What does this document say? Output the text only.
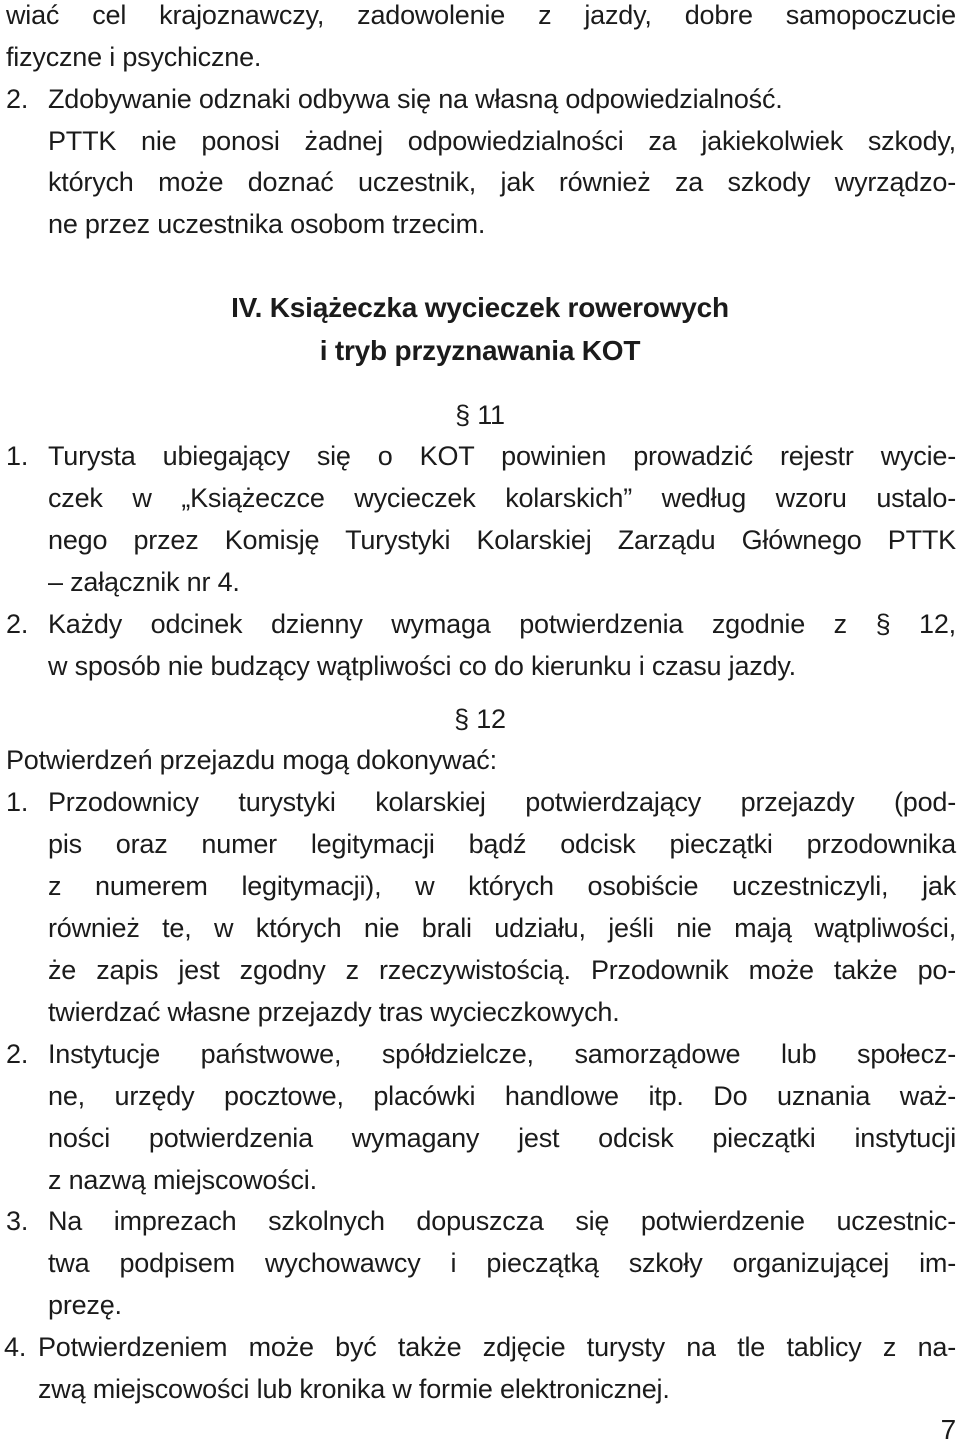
wiać cel krajoznawczy, zadowolenie z jazdy, dobre samopoczucie
fizyczne i psychiczne.
2. Zdobywanie odznaki odbywa się na własną odpowiedzialność.
PTTK nie ponosi żadnej odpowiedzialności za jakiekolwiek szkody,
których może doznać uczestnik, jak również za szkody wyrządzo-
ne przez uczestnika osobom trzecim.
IV. Książeczka wycieczek rowerowych
i tryb przyznawania KOT
§ 11
1. Turysta ubiegający się o KOT powinien prowadzić rejestr wycie-
czek w „Książeczce wycieczek kolarskich” według wzoru ustalo-
nego przez Komisję Turystyki Kolarskiej Zarządu Głównego PTTK
– załącznik nr 4.
2. Każdy odcinek dzienny wymaga potwierdzenia zgodnie z § 12,
w sposób nie budzący wątpliwości co do kierunku i czasu jazdy.
§ 12
Potwierdzeń przejazdu mogą dokonywać:
1. Przodownicy turystyki kolarskiej potwierdzający przejazdy (pod-
pis oraz numer legitymacji bądź odcisk pieczątki przodownika
z numerem legitymacji), w których osobiście uczestniczyli, jak
również te, w których nie brali udziału, jeśli nie mają wątpliwości,
że zapis jest zgodny z rzeczywistością. Przodownik może także po-
twierdzać własne przejazdy tras wycieczkowych.
2. Instytucje państwowe, spółdzielcze, samorządowe lub społecz-
ne, urzędy pocztowe, placówki handlowe itp. Do uznania waż-
ności potwierdzenia wymagany jest odcisk pieczątki instytucji
z nazwą miejscowości.
3. Na imprezach szkolnych dopuszcza się potwierdzenie uczestnic-
twa podpisem wychowawcy i pieczątką szkoły organizującej im-
prezę.
4. Potwierdzeniem może być także zdjęcie turysty na tle tablicy z na-
zwą miejscowości lub kronika w formie elektronicznej.
7
